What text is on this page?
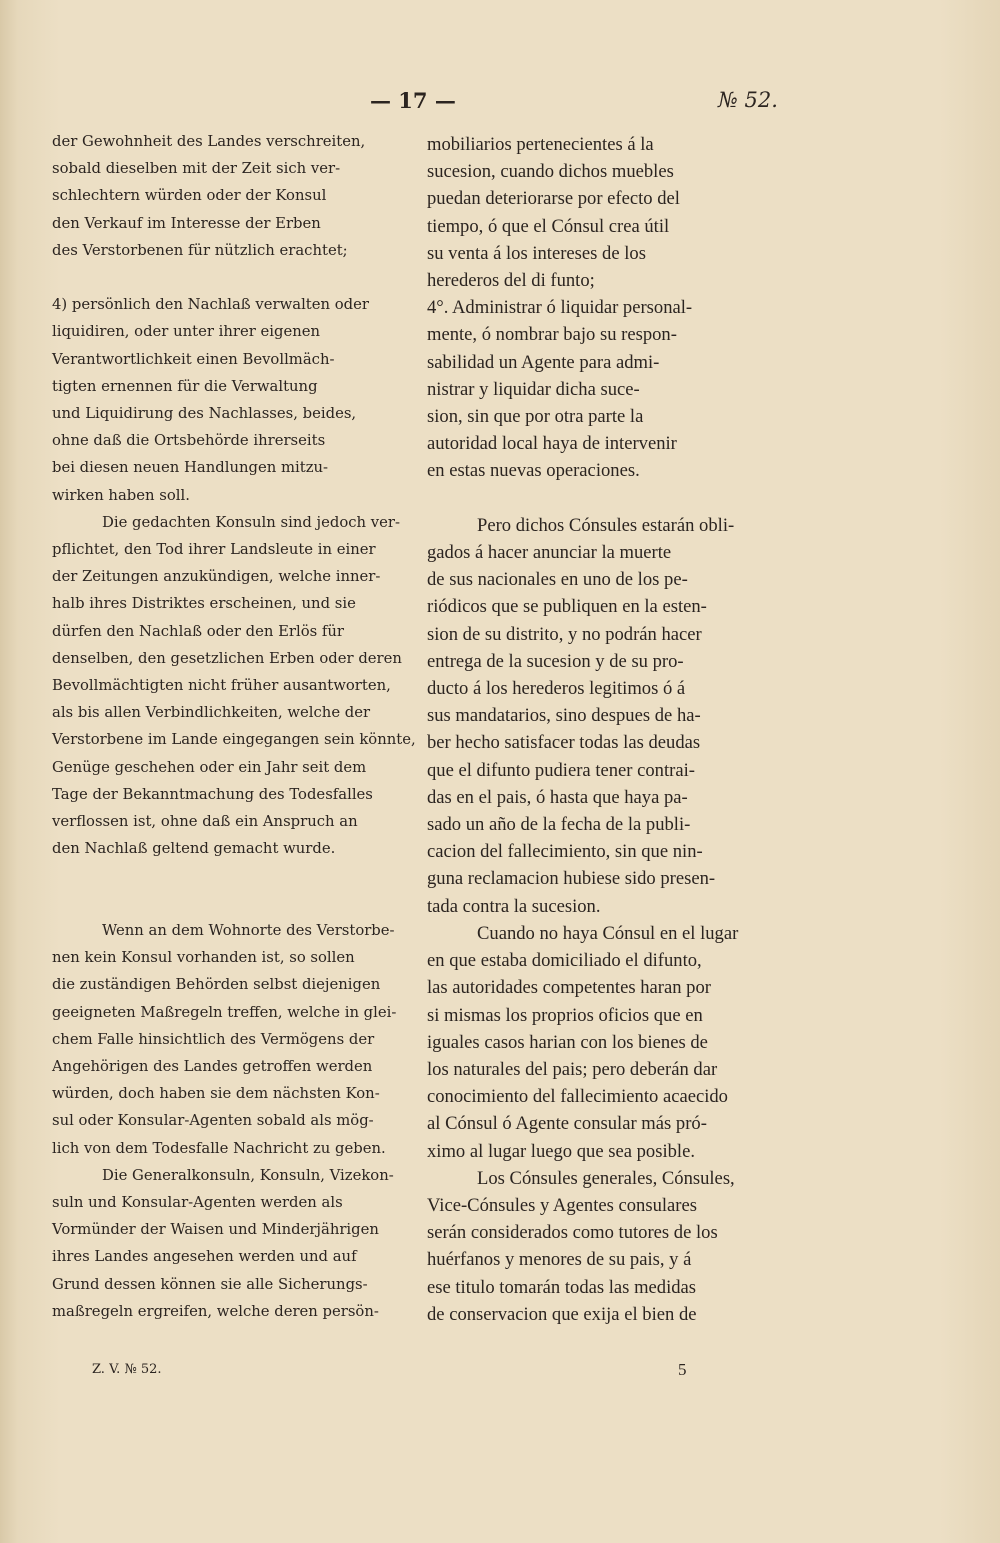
— 17 —	№ 52.
der Gewohnheit des Landes verschreiten,
sobald dieselben mit der Zeit sich ver-
schlechtern würden oder der Konsul
den Verkauf im Interesse der Erben
des Verstorbenen für nützlich erachtet;

4) persönlich den Nachlaß verwalten oder
liquidiren, oder unter ihrer eigenen
Verantwortlichkeit einen Bevollmäch-
tigten ernennen für die Verwaltung
und Liquidirung des Nachlasses, beides,
ohne daß die Ortsbehörde ihrerseits
bei diesen neuen Handlungen mitzu-
wirken haben soll.
Die gedachten Konsuln sind jedoch ver-
pflichtet, den Tod ihrer Landsleute in einer
der Zeitungen anzukündigen, welche inner-
halb ihres Distriktes erscheinen, und sie
dürfen den Nachlaß oder den Erlös für
denselben, den gesetzlichen Erben oder deren
Bevollmächtigten nicht früher ausantworten,
als bis allen Verbindlichkeiten, welche der
Verstorbene im Lande eingegangen sein könnte,
Genüge geschehen oder ein Jahr seit dem
Tage der Bekanntmachung des Todesfalles
verflossen ist, ohne daß ein Anspruch an
den Nachlaß geltend gemacht wurde.

Wenn an dem Wohnorte des Verstorbe-
nen kein Konsul vorhanden ist, so sollen
die zuständigen Behörden selbst diejenigen
geeigneten Maßregeln treffen, welche in glei-
chem Falle hinsichtlich des Vermögens der
Angehörigen des Landes getroffen werden
würden, doch haben sie dem nächsten Kon-
sul oder Konsular-Agenten sobald als mög-
lich von dem Todesfalle Nachricht zu geben.
Die Generalkonsuln, Konsuln, Vizekon-
suln und Konsular-Agenten werden als
Vormünder der Waisen und Minderjährigen
ihres Landes angesehen werden und auf
Grund dessen können sie alle Sicherungs-
maßregeln ergreifen, welche deren persön-
mobiliarios pertenecientes á la
sucesion, cuando dichos muebles
puedan deteriorarse por efecto del
tiempo, ó que el Cónsul crea útil
su venta á los intereses de los
herederos del di funto;
4°. Administrar ó liquidar personal-
mente, ó nombrar bajo su respon-
sabilidad un Agente para admi-
nistrar y liquidar dicha suce-
sion, sin que por otra parte la
autoridad local haya de intervenir
en estas nuevas operaciones.

Pero dichos Cónsules estarán obli-
gados á hacer anunciar la muerte
de sus nacionales en uno de los pe-
riódicos que se publiquen en la esten-
sion de su distrito, y no podrán hacer
entrega de la sucesion y de su pro-
ducto á los herederos legitimos ó á
sus mandatarios, sino despues de ha-
ber hecho satisfacer todas las deudas
que el difunto pudiera tener contrai-
das en el pais, ó hasta que haya pa-
sado un año de la fecha de la publi-
cacion del fallecimiento, sin que nin-
guna reclamacion hubiese sido presen-
tada contra la sucesion.
Cuando no haya Cónsul en el lugar
en que estaba domiciliado el difunto,
las autoridades competentes haran por
si mismas los proprios oficios que en
iguales casos harian con los bienes de
los naturales del pais; pero deberán dar
conocimiento del fallecimiento acaecido
al Cónsul ó Agente consular más pró-
ximo al lugar luego que sea posible.
Los Cónsules generales, Cónsules,
Vice-Cónsules y Agentes consulares
serán considerados como tutores de los
huérfanos y menores de su pais, y á
ese titulo tomarán todas las medidas
de conservacion que exija el bien de
Z. V. № 52.	5
